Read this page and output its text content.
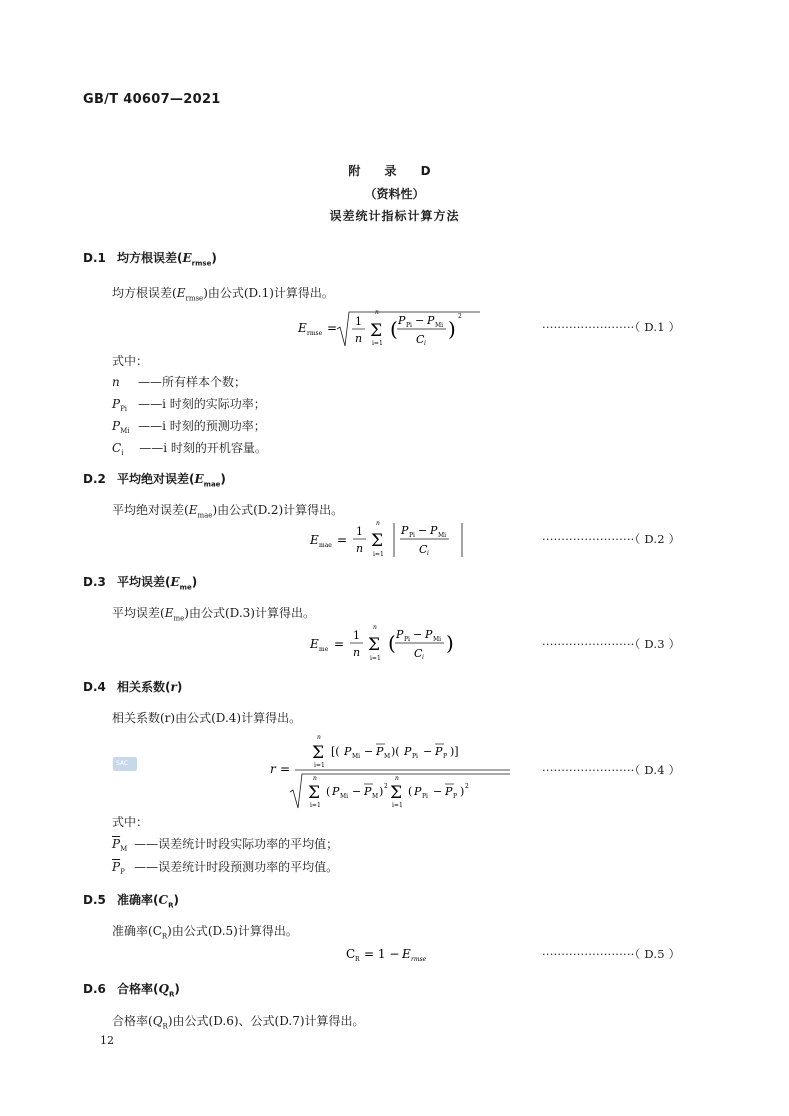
GB/T 40607—2021
附 录 D
（资料性）
误差统计指标计算方法
D.1 均方根误差$(E_{rmse})$
均方根误差$(E_{rmse})$由公式(D.1)计算得出。
E rmse = 1
n
n
Σ
i=1
( P Pi − P Mi
C i
)
2
························（ D.1 ）
式中：
n ——所有样本个数；
$P_{Pi}$ ——i 时刻的实际功率；
$P_{Mi}$ ——i 时刻的预测功率；
$C_i$ ——i 时刻的开机容量。
D.2 平均绝对误差$(E_{mae})$
平均绝对误差$(E_{mae})$由公式(D.2)计算得出。
E mae =
1
n
n
Σ
i=1
P Pi − P Mi
C i
························（ D.2 ）
D.3 平均误差$(E_{me})$
平均误差$(E_{me})$由公式(D.3)计算得出。
E me =
1
n
n
Σ
i=1
( P Pi − P Mi
C i
)	························（ D.3 ）
D.4 相关系数(r)
相关系数(r)由公式(D.4)计算得出。
SAC	r =
n
Σ
i=1
[( P Mi − P M )( P Pi − P P )]
n
Σ
i=1
( P Mi − P M ) 2
n
Σ
i=1
( P Pi − P P ) 2
························（ D.4 ）
式中：
$\overline{P}_M$ ——误差统计时段实际功率的平均值；
$\overline{P}_P$ ——误差统计时段预测功率的平均值。
D.5 准确率$(C_R)$
准确率$(C_R)$由公式(D.5)计算得出。
C R = 1 − E rmse	························（ D.5 ）
D.6 合格率$(Q_R)$
合格率$(Q_R)$由公式(D.6)、公式(D.7)计算得出。
12
